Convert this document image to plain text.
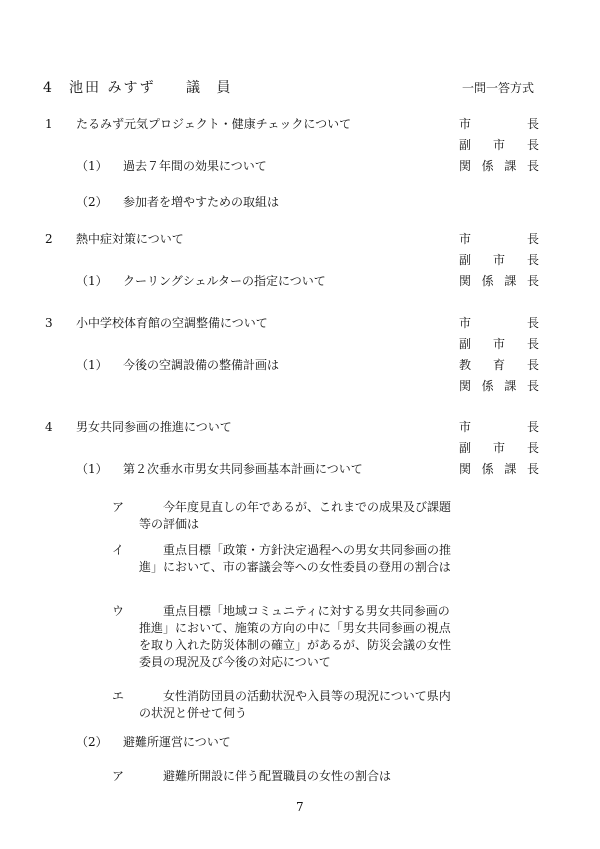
4 池田 みすず 議 員	一問一答方式
1 たるみず元気プロジェクト・健康チェックについて	市	長
副 市 長
（1） 過去７年間の効果について	関 係 課 長
（2） 参加者を増やすための取組は
2 熱中症対策について	市	長
副 市 長
（1） クーリングシェルターの指定について	関 係 課 長
3 小中学校体育館の空調整備について	市	長
副 市 長
（1） 今後の空調設備の整備計画は	教 育 長
関 係 課 長
4 男女共同参画の推進について	市	長
副 市 長
（1） 第２次垂水市男女共同参画基本計画について	関 係 課 長
ア	今年度見直しの年であるが、これまでの成果及び課題等の評価は
イ	重点目標「政策・方針決定過程への男女共同参画の推進」において、市の審議会等への女性委員の登用の割合は
ウ	重点目標「地域コミュニティに対する男女共同参画の推進」において、施策の方向の中に「男女共同参画の視点を取り入れた防災体制の確立」があるが、防災会議の女性委員の現況及び今後の対応について
エ	女性消防団員の活動状況や入員等の現況について県内の状況と併せて伺う
（2） 避難所運営について
ア	避難所開設に伴う配置職員の女性の割合は
7
